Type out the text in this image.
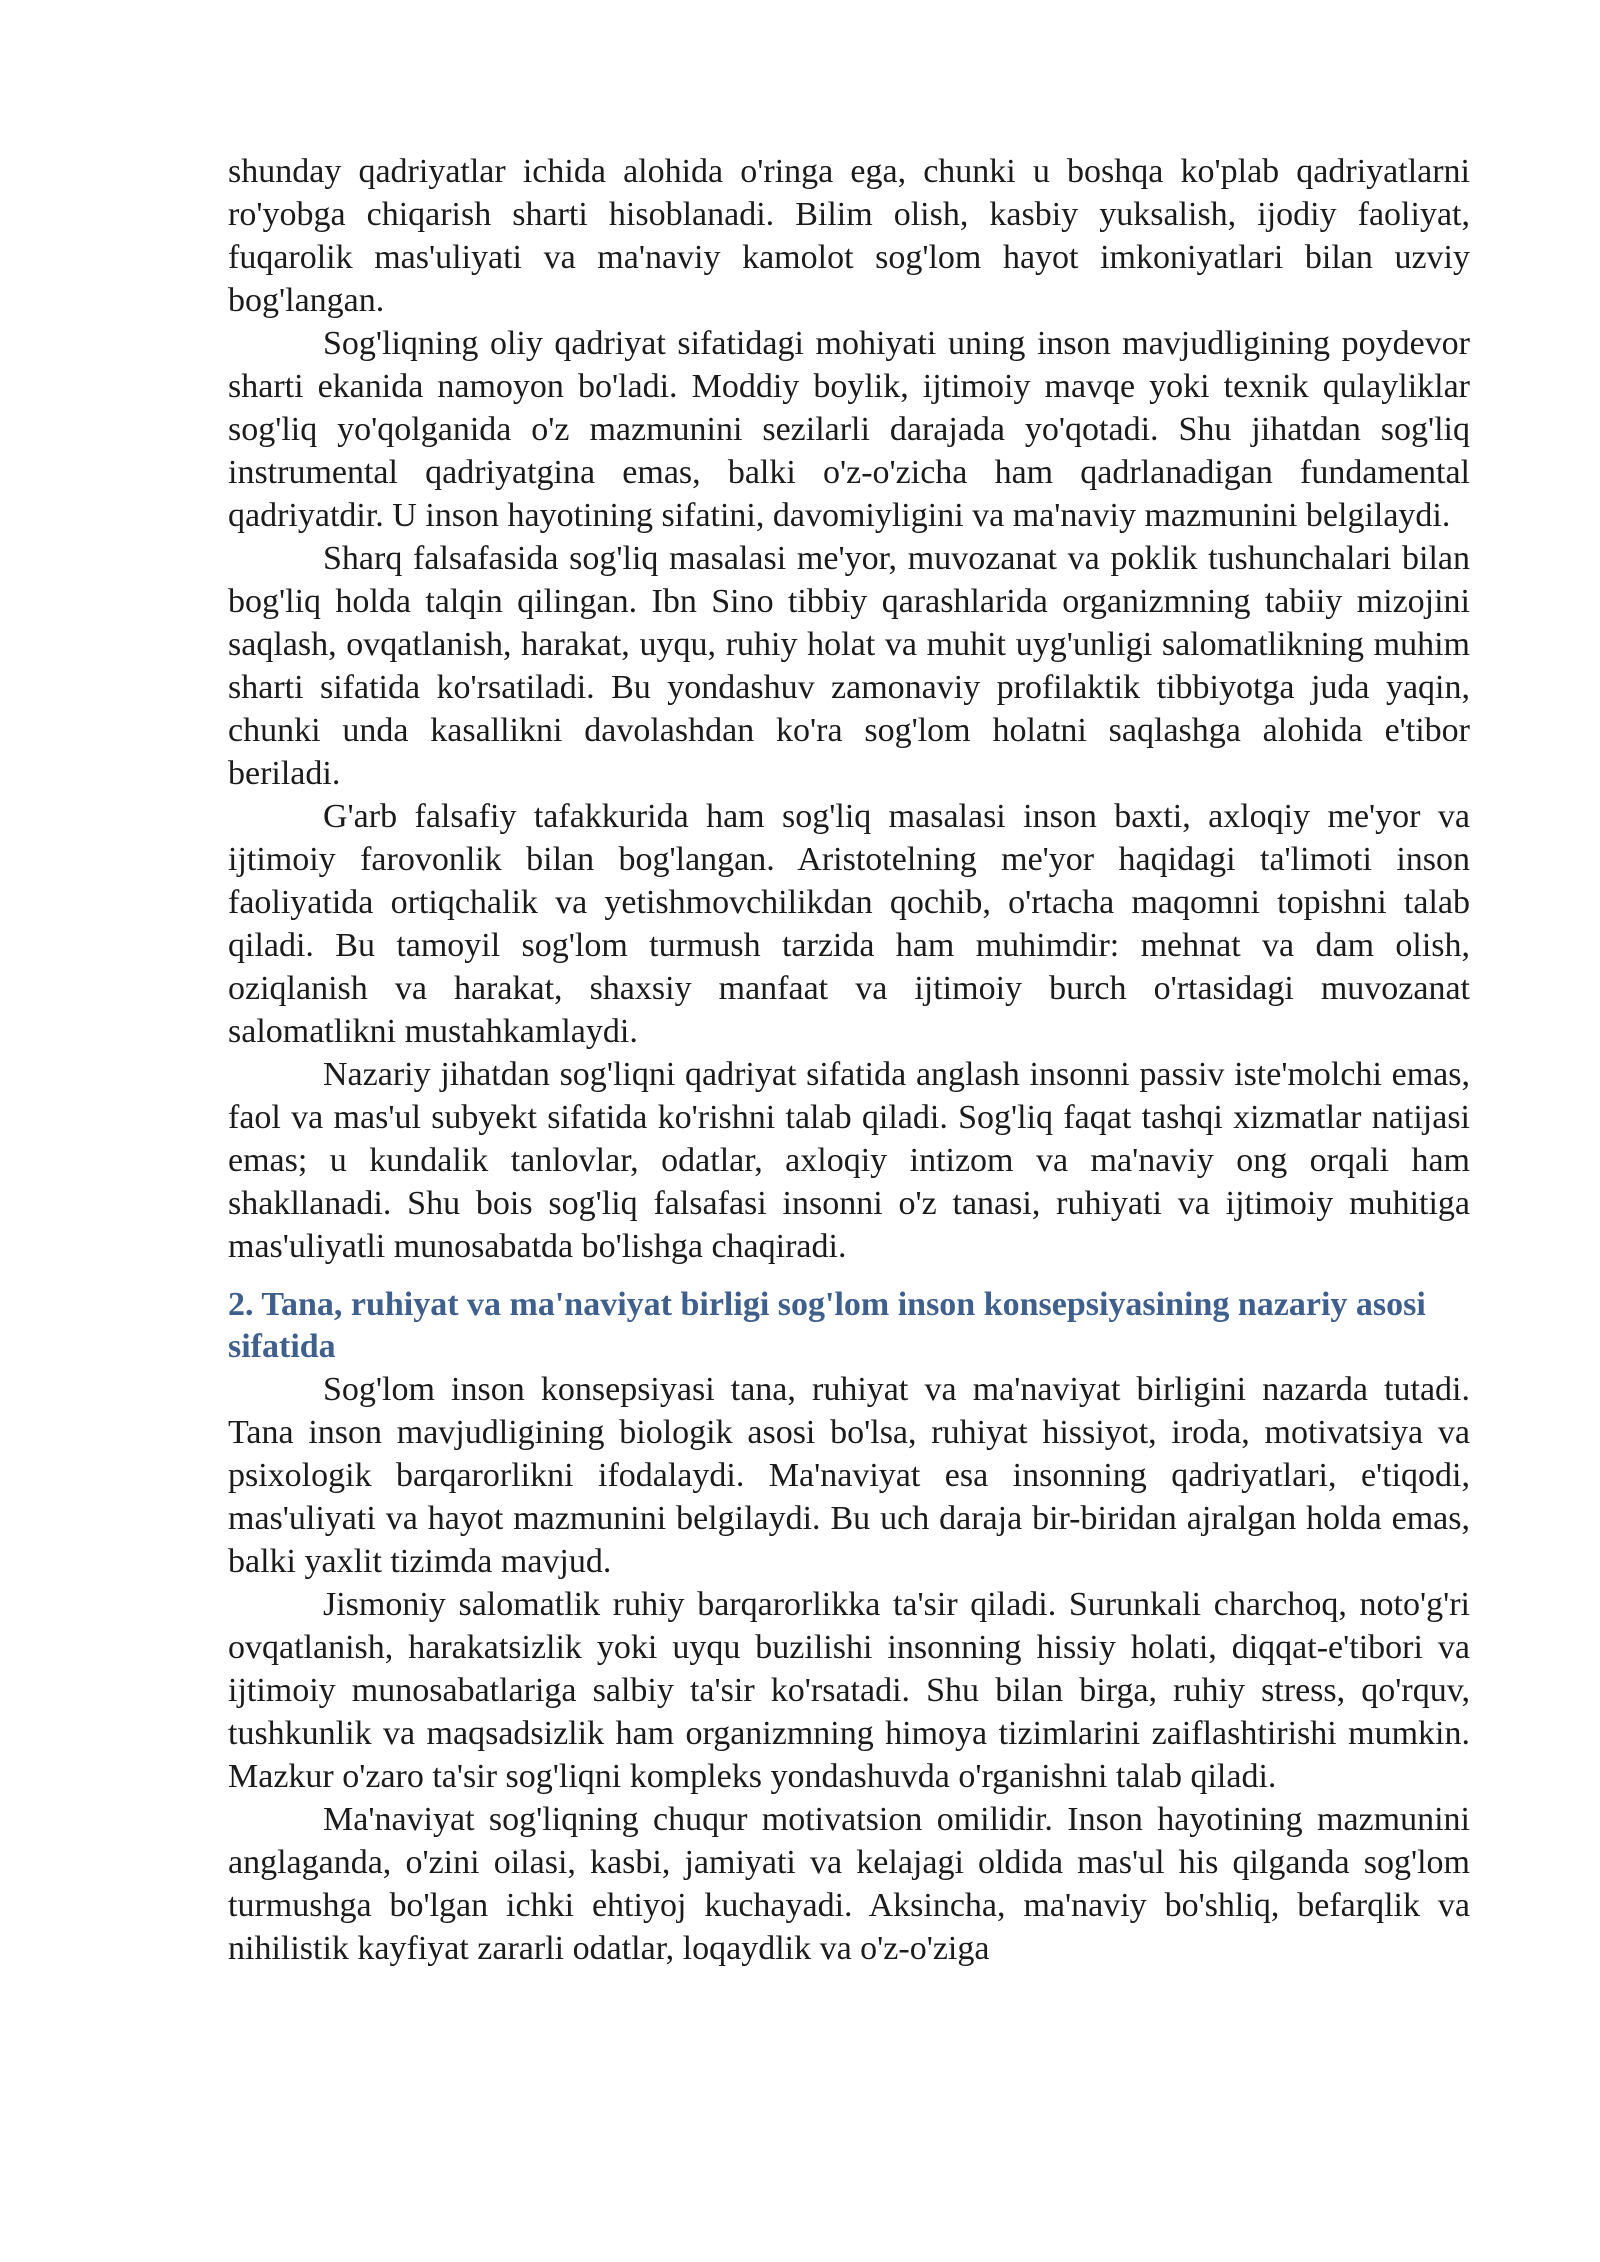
shunday qadriyatlar ichida alohida o'ringa ega, chunki u boshqa ko'plab qadriyatlarni ro'yobga chiqarish sharti hisoblanadi. Bilim olish, kasbiy yuksalish, ijodiy faoliyat, fuqarolik mas'uliyati va ma'naviy kamolot sog'lom hayot imkoniyatlari bilan uzviy bog'langan.

Sog'liqning oliy qadriyat sifatidagi mohiyati uning inson mavjudligining poydevor sharti ekanida namoyon bo'ladi. Moddiy boylik, ijtimoiy mavqe yoki texnik qulayliklar sog'liq yo'qolganida o'z mazmunini sezilarli darajada yo'qotadi. Shu jihatdan sog'liq instrumental qadriyatgina emas, balki o'z-o'zicha ham qadrlanadigan fundamental qadriyatdir. U inson hayotining sifatini, davomiyligini va ma'naviy mazmunini belgilaydi.

Sharq falsafasida sog'liq masalasi me'yor, muvozanat va poklik tushunchalari bilan bog'liq holda talqin qilingan. Ibn Sino tibbiy qarashlarida organizmning tabiiy mizojini saqlash, ovqatlanish, harakat, uyqu, ruhiy holat va muhit uyg'unligi salomatlikning muhim sharti sifatida ko'rsatiladi. Bu yondashuv zamonaviy profilaktik tibbiyotga juda yaqin, chunki unda kasallikni davolashdan ko'ra sog'lom holatni saqlashga alohida e'tibor beriladi.

G'arb falsafiy tafakkurida ham sog'liq masalasi inson baxti, axloqiy me'yor va ijtimoiy farovonlik bilan bog'langan. Aristotelning me'yor haqidagi ta'limoti inson faoliyatida ortiqchalik va yetishmovchilikdan qochib, o'rtacha maqomni topishni talab qiladi. Bu tamoyil sog'lom turmush tarzida ham muhimdir: mehnat va dam olish, oziqlanish va harakat, shaxsiy manfaat va ijtimoiy burch o'rtasidagi muvozanat salomatlikni mustahkamlaydi.

Nazariy jihatdan sog'liqni qadriyat sifatida anglash insonni passiv iste'molchi emas, faol va mas'ul subyekt sifatida ko'rishni talab qiladi. Sog'liq faqat tashqi xizmatlar natijasi emas; u kundalik tanlovlar, odatlar, axloqiy intizom va ma'naviy ong orqali ham shakllanadi. Shu bois sog'liq falsafasi insonni o'z tanasi, ruhiyati va ijtimoiy muhitiga mas'uliyatli munosabatda bo'lishga chaqiradi.

2. Tana, ruhiyat va ma'naviyat birligi sog'lom inson konsepsiyasining nazariy asosi sifatida

Sog'lom inson konsepsiyasi tana, ruhiyat va ma'naviyat birligini nazarda tutadi. Tana inson mavjudligining biologik asosi bo'lsa, ruhiyat hissiyot, iroda, motivatsiya va psixologik barqarorlikni ifodalaydi. Ma'naviyat esa insonning qadriyatlari, e'tiqodi, mas'uliyati va hayot mazmunini belgilaydi. Bu uch daraja bir-biridan ajralgan holda emas, balki yaxlit tizimda mavjud.

Jismoniy salomatlik ruhiy barqarorlikka ta'sir qiladi. Surunkali charchoq, noto'g'ri ovqatlanish, harakatsizlik yoki uyqu buzilishi insonning hissiy holati, diqqat-e'tibori va ijtimoiy munosabatlariga salbiy ta'sir ko'rsatadi. Shu bilan birga, ruhiy stress, qo'rquv, tushkunlik va maqsadsizlik ham organizmning himoya tizimlarini zaiflashtirishi mumkin. Mazkur o'zaro ta'sir sog'liqni kompleks yondashuvda o'rganishni talab qiladi.

Ma'naviyat sog'liqning chuqur motivatsion omilidir. Inson hayotining mazmunini anglaganda, o'zini oilasi, kasbi, jamiyati va kelajagi oldida mas'ul his qilganda sog'lom turmushga bo'lgan ichki ehtiyoj kuchayadi. Aksincha, ma'naviy bo'shliq, befarqlik va nihilistik kayfiyat zararli odatlar, loqaydlik va o'z-o'ziga
